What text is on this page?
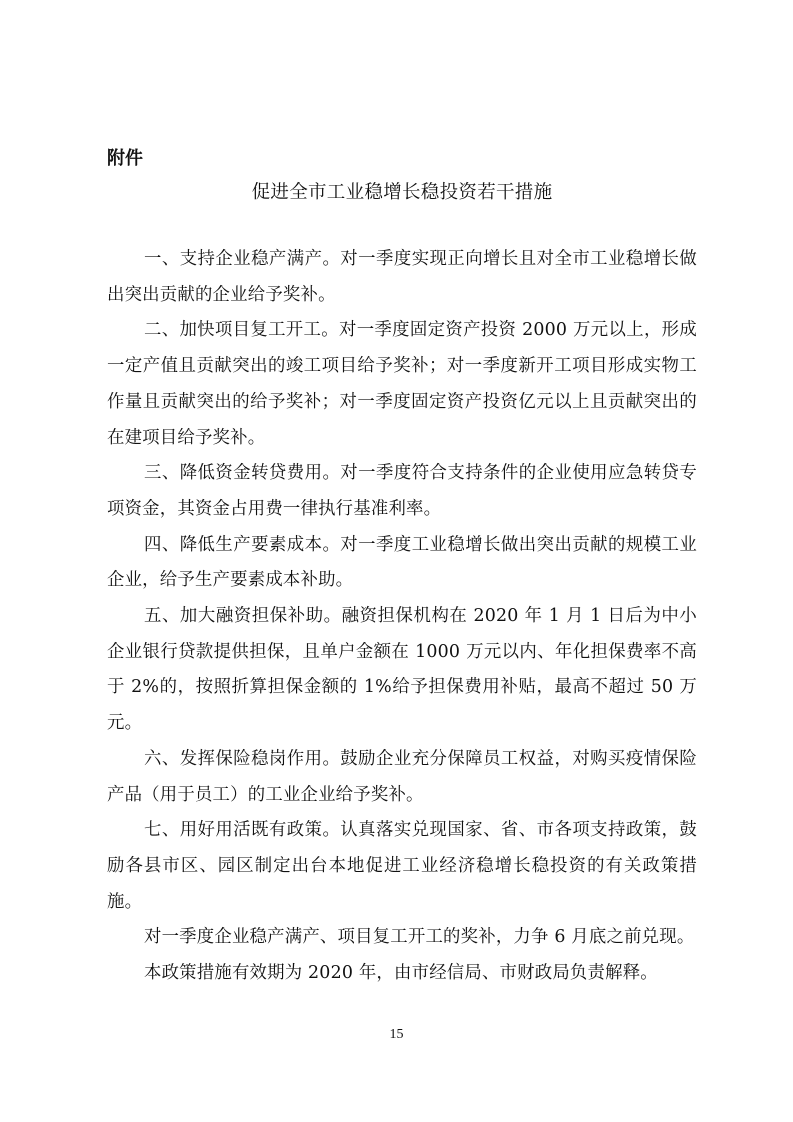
附件
促进全市工业稳增长稳投资若干措施

一、支持企业稳产满产。对一季度实现正向增长且对全市工业稳增长做出突出贡献的企业给予奖补。

二、加快项目复工开工。对一季度固定资产投资 2000 万元以上，形成一定产值且贡献突出的竣工项目给予奖补；对一季度新开工项目形成实物工作量且贡献突出的给予奖补；对一季度固定资产投资亿元以上且贡献突出的在建项目给予奖补。

三、降低资金转贷费用。对一季度符合支持条件的企业使用应急转贷专项资金，其资金占用费一律执行基准利率。

四、降低生产要素成本。对一季度工业稳增长做出突出贡献的规模工业企业，给予生产要素成本补助。

五、加大融资担保补助。融资担保机构在 2020 年 1 月 1 日后为中小企业银行贷款提供担保，且单户金额在 1000 万元以内、年化担保费率不高于 2%的，按照折算担保金额的 1%给予担保费用补贴，最高不超过 50 万元。

六、发挥保险稳岗作用。鼓励企业充分保障员工权益，对购买疫情保险产品（用于员工）的工业企业给予奖补。

七、用好用活既有政策。认真落实兑现国家、省、市各项支持政策，鼓励各县市区、园区制定出台本地促进工业经济稳增长稳投资的有关政策措施。

对一季度企业稳产满产、项目复工开工的奖补，力争 6 月底之前兑现。

本政策措施有效期为 2020 年，由市经信局、市财政局负责解释。

15
